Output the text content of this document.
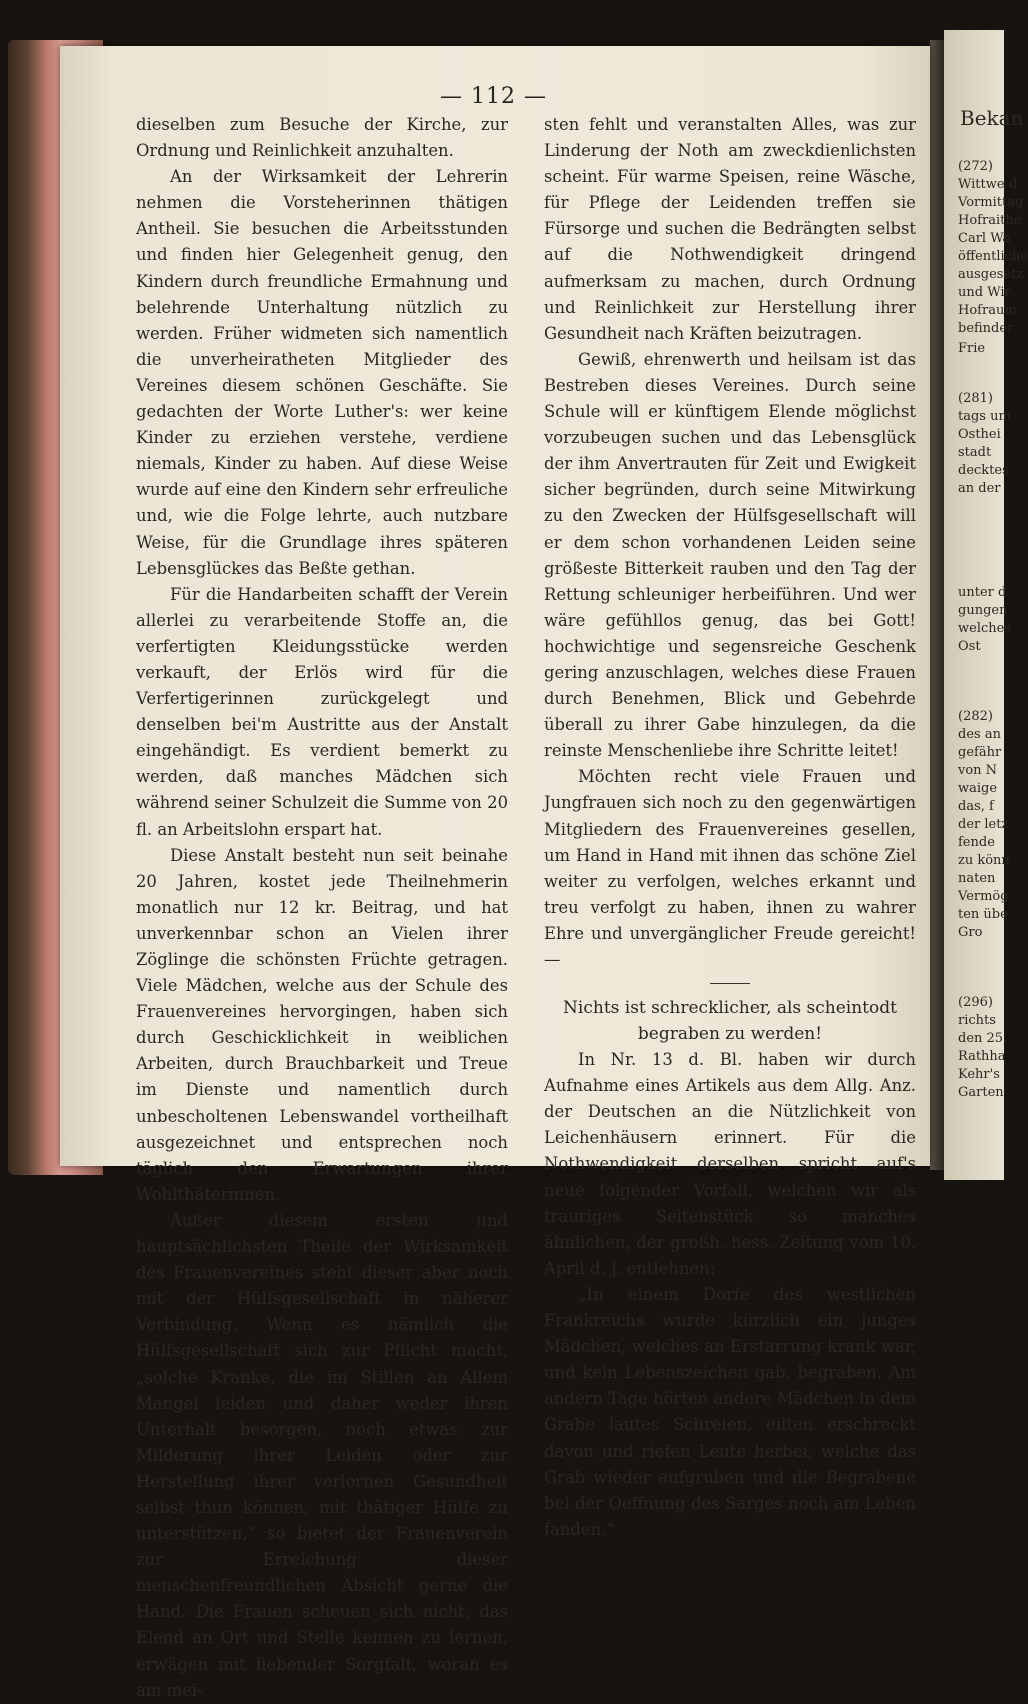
— 112 —

dieselben zum Besuche der Kirche, zur Ordnung und Reinlichkeit anzuhalten.

An der Wirksamkeit der Lehrerin nehmen die Vorsteherinnen thätigen Antheil. Sie besuchen die Arbeitsstunden und finden hier Gelegenheit genug, den Kindern durch freundliche Ermahnung und belehrende Unterhaltung nützlich zu werden. Früher widmeten sich namentlich die unverheiratheten Mitglieder des Vereines diesem schönen Geschäfte. Sie gedachten der Worte Luther's: wer keine Kinder zu erziehen verstehe, verdiene niemals, Kinder zu haben. Auf diese Weise wurde auf eine den Kindern sehr erfreuliche und, wie die Folge lehrte, auch nutzbare Weise, für die Grundlage ihres späteren Lebensglückes das Beßte gethan.

Für die Handarbeiten schafft der Verein allerlei zu verarbeitende Stoffe an, die verfertigten Kleidungsstücke werden verkauft, der Erlös wird für die Verfertigerinnen zurückgelegt und denselben bei'm Austritte aus der Anstalt eingehändigt. Es verdient bemerkt zu werden, daß manches Mädchen sich während seiner Schulzeit die Summe von 20 fl. an Arbeitslohn erspart hat.

Diese Anstalt besteht nun seit beinahe 20 Jahren, kostet jede Theilnehmerin monatlich nur 12 kr. Beitrag, und hat unverkennbar schon an Vielen ihrer Zöglinge die schönsten Früchte getragen. Viele Mädchen, welche aus der Schule des Frauenvereines hervorgingen, haben sich durch Geschicklichkeit in weiblichen Arbeiten, durch Brauchbarkeit und Treue im Dienste und namentlich durch unbescholtenen Lebenswandel vortheilhaft ausgezeichnet und entsprechen noch täglich den Erwartungen ihrer Wohlthäterinnen.

Außer diesem ersten und hauptsächlichsten Theile der Wirksamkeit des Frauenvereines steht dieser aber noch mit der Hülfsgesellschaft in näherer Verbindung. Wenn es nämlich die Hülfsgesellschaft sich zur Pflicht macht, „solche Kranke, die im Stillen an Allem Mangel leiden und daher weder ihren Unterhalt besorgen, noch etwas zur Milderung ihrer Leiden oder zur Herstellung ihrer verlornen Gesundheit selbst thun können, mit thätiger Hülfe zu unterstützen,“ so bietet der Frauenverein zur Erreichung dieser menschenfreundlichen Absicht gerne die Hand. Die Frauen scheuen sich nicht, das Elend an Ort und Stelle kennen zu lernen, erwägen mit liebender Sorgfalt, woran es am mei-

sten fehlt und veranstalten Alles, was zur Linderung der Noth am zweckdienlichsten scheint. Für warme Speisen, reine Wäsche, für Pflege der Leidenden treffen sie Fürsorge und suchen die Bedrängten selbst auf die Nothwendigkeit dringend aufmerksam zu machen, durch Ordnung und Reinlichkeit zur Herstellung ihrer Gesundheit nach Kräften beizutragen.

Gewiß, ehrenwerth und heilsam ist das Bestreben dieses Vereines. Durch seine Schule will er künftigem Elende möglichst vorzubeugen suchen und das Lebensglück der ihm Anvertrauten für Zeit und Ewigkeit sicher begründen, durch seine Mitwirkung zu den Zwecken der Hülfsgesellschaft will er dem schon vorhandenen Leiden seine größeste Bitterkeit rauben und den Tag der Rettung schleuniger herbeiführen. Und wer wäre gefühllos genug, das bei Gott! hochwichtige und segensreiche Geschenk gering anzuschlagen, welches diese Frauen durch Benehmen, Blick und Gebehrde überall zu ihrer Gabe hinzulegen, da die reinste Menschenliebe ihre Schritte leitet!

Möchten recht viele Frauen und Jungfrauen sich noch zu den gegenwärtigen Mitgliedern des Frauenvereines gesellen, um Hand in Hand mit ihnen das schöne Ziel weiter zu verfolgen, welches erkannt und treu verfolgt zu haben, ihnen zu wahrer Ehre und unvergänglicher Freude gereicht! —

Nichts ist schrecklicher, als scheintodt begraben zu werden!

In Nr. 13 d. Bl. haben wir durch Aufnahme eines Artikels aus dem Allg. Anz. der Deutschen an die Nützlichkeit von Leichenhäusern erinnert. Für die Nothwendigkeit derselben spricht auf's neue folgender Vorfall, welchen wir als trauriges Seitenstück so manches ähnlichen, der großh. hess. Zeitung vom 10. April d. J. entlehnen:

„In einem Dorfe des westlichen Frankreichs wurde kürzlich ein junges Mädchen, welches an Erstarrung krank war, und kein Lebenszeichen gab, begraben. Am andern Tage hörten andere Mädchen in dem Grabe lautes Schreien, eilten erschreckt davon und riefen Leute herbei, welche das Grab wieder aufgruben und die Begrabene bei der Oeffnung des Sarges noch am Leben fanden.“

Bekan
(272)
Wittwe d
Vormittag
Hofraithe
Carl Wa
öffentliche
ausgesetz
und Wir
Hofraum
befinder
Frie
(281)
tags um
Osthei
stadt
decktes
an der
unter d
gungen
welches
Ost
(282)
des an
gefähr
von N
waige
das, f
der letz
fende
zu könn
naten
Vermög
ten übe
Gro
(296)
richts
den 25.
Rathha
Kehr's
Garten
